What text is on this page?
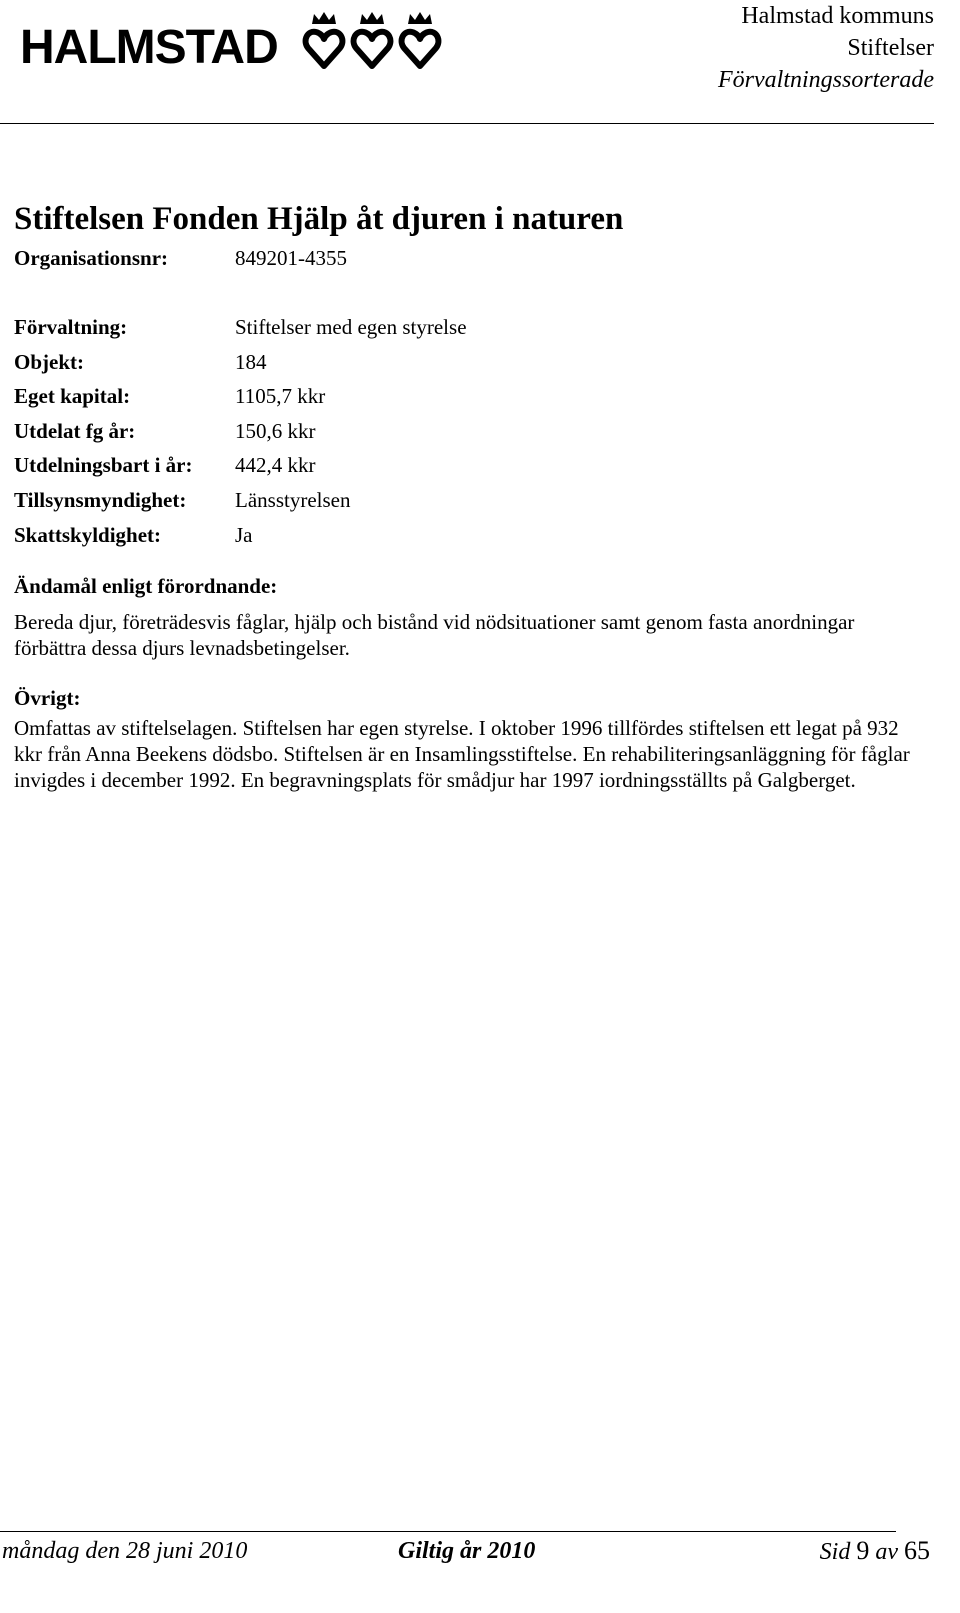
HALMSTAD
Halmstad kommuns
Stiftelser
Förvaltningssorterade
Stiftelsen Fonden Hjälp åt djuren i naturen
Organisationsnr:	849201-4355
Förvaltning:	Stiftelser med egen styrelse
Objekt:	184
Eget kapital:	1105,7 kkr
Utdelat fg år:	150,6 kkr
Utdelningsbart i år: 442,4 kkr
Tillsynsmyndighet: Länsstyrelsen
Skattskyldighet:	Ja
Ändamål enligt förordnande:
Bereda djur, företrädesvis fåglar, hjälp och bistånd vid nödsituationer samt genom fasta anordningar förbättra dessa djurs levnadsbetingelser.
Övrigt:
Omfattas av stiftelselagen. Stiftelsen har egen styrelse. I oktober 1996 tillfördes stiftelsen ett legat på 932 kkr från Anna Beekens dödsbo. Stiftelsen är en Insamlingsstiftelse. En rehabiliteringsanläggning för fåglar invigdes i december 1992. En begravningsplats för smådjur har 1997 iordningsställts på Galgberget.
måndag den 28 juni 2010	Giltig år 2010	Sid 9 av 65
